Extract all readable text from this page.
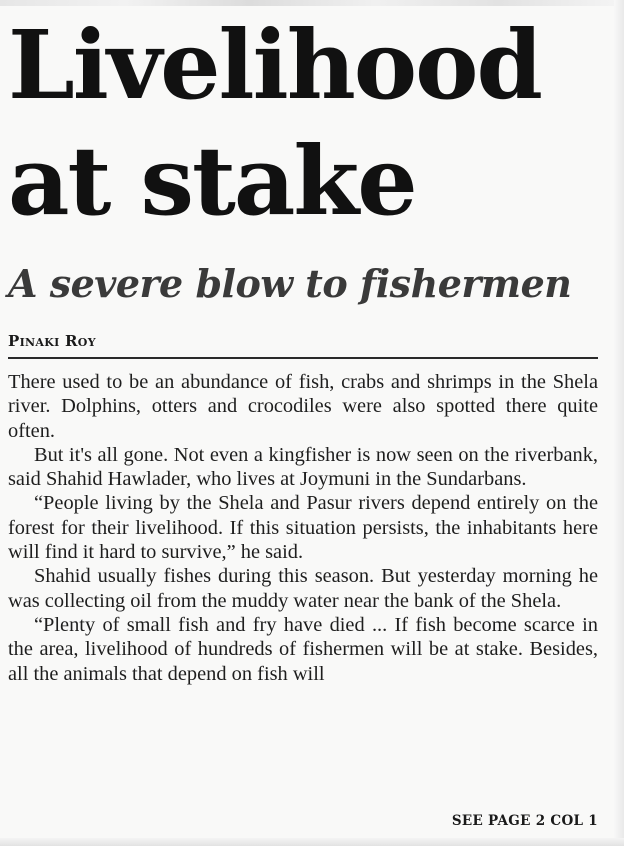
Livelihood
at stake
A severe blow to fishermen
Pinaki Roy

There used to be an abundance of fish, crabs and shrimps in the Shela river. Dolphins, otters and crocodiles were also spotted there quite often.

But it's all gone. Not even a kingfisher is now seen on the riverbank, said Shahid Hawlader, who lives at Joymuni in the Sundarbans.

“People living by the Shela and Pasur rivers depend entirely on the forest for their livelihood. If this situation persists, the inhabitants here will find it hard to survive,” he said.

Shahid usually fishes during this season. But yesterday morning he was collecting oil from the muddy water near the bank of the Shela.

“Plenty of small fish and fry have died ... If fish become scarce in the area, livelihood of hundreds of fishermen will be at stake. Besides, all the animals that depend on fish will

SEE PAGE 2 COL 1
